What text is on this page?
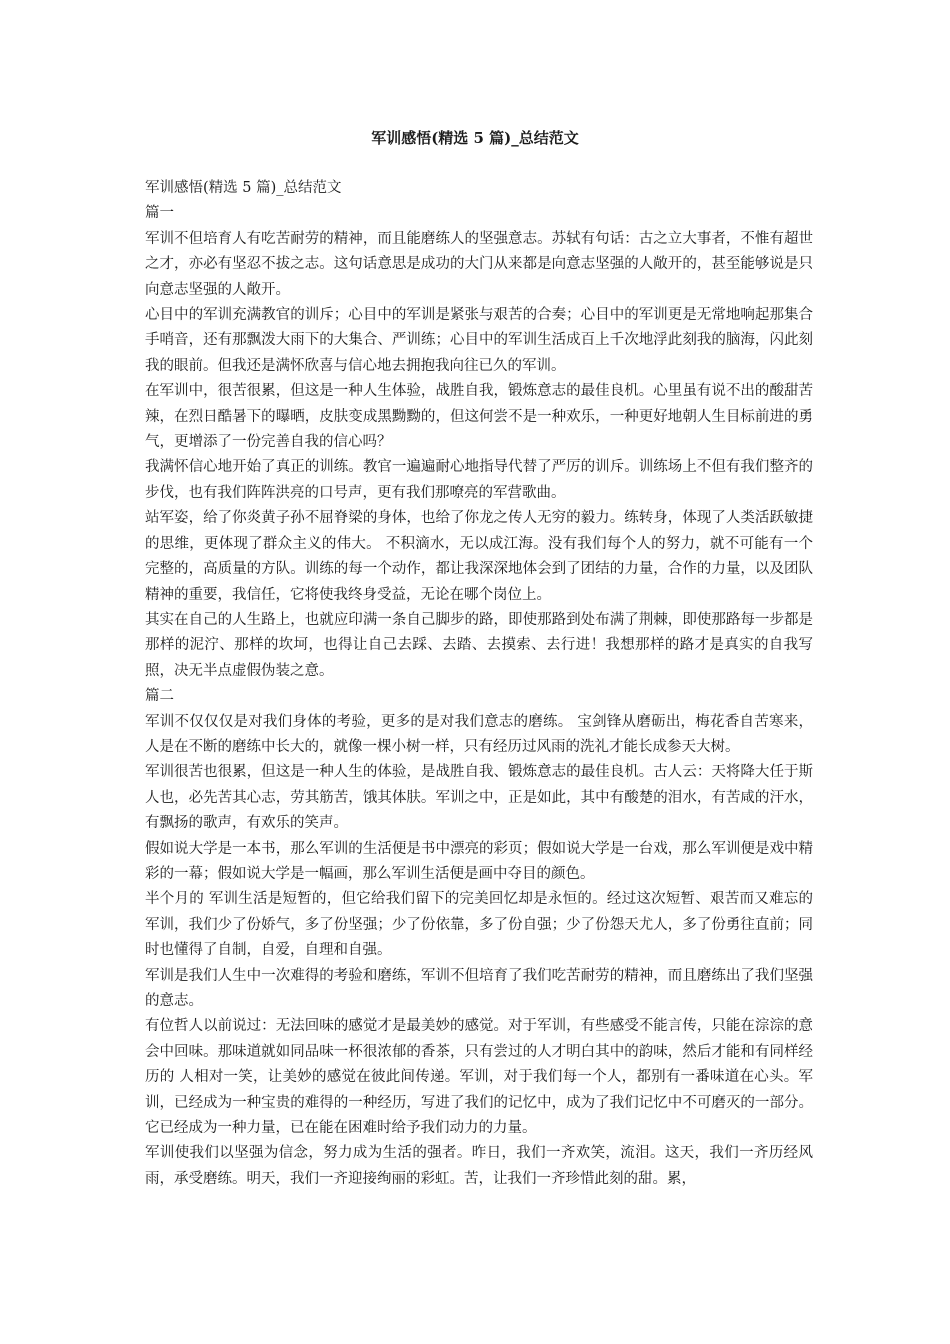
军训感悟(精选 5 篇)_总结范文

军训感悟(精选 5 篇)_总结范文

篇一

军训不但培育人有吃苦耐劳的精神，而且能磨练人的坚强意志。苏轼有句话：古之立大事者，不惟有超世之才，亦必有坚忍不拔之志。这句话意思是成功的大门从来都是向意志坚强的人敞开的，甚至能够说是只向意志坚强的人敞开。

心目中的军训充满教官的训斥；心目中的军训是紧张与艰苦的合奏；心目中的军训更是无常地响起那集合手哨音，还有那飘泼大雨下的大集合、严训练；心目中的军训生活成百上千次地浮此刻我的脑海，闪此刻我的眼前。但我还是满怀欣喜与信心地去拥抱我向往已久的军训。

在军训中，很苦很累，但这是一种人生体验，战胜自我，锻炼意志的最佳良机。心里虽有说不出的酸甜苦辣，在烈日酷暑下的曝晒，皮肤变成黑黝黝的，但这何尝不是一种欢乐，一种更好地朝人生目标前进的勇气，更增添了一份完善自我的信心吗？

我满怀信心地开始了真正的训练。教官一遍遍耐心地指导代替了严厉的训斥。训练场上不但有我们整齐的步伐，也有我们阵阵洪亮的口号声，更有我们那嘹亮的军营歌曲。

站军姿，给了你炎黄子孙不屈脊梁的身体，也给了你龙之传人无穷的毅力。练转身，体现了人类活跃敏捷的思维，更体现了群众主义的伟大。 不积滴水，无以成江海。没有我们每个人的努力，就不可能有一个完整的，高质量的方队。训练的每一个动作，都让我深深地体会到了团结的力量，合作的力量，以及团队精神的重要，我信任，它将使我终身受益，无论在哪个岗位上。

其实在自己的人生路上，也就应印满一条自己脚步的路，即使那路到处布满了荆棘，即使那路每一步都是那样的泥泞、那样的坎坷，也得让自己去踩、去踏、去摸索、去行进！我想那样的路才是真实的自我写照，决无半点虚假伪装之意。

篇二

军训不仅仅仅是对我们身体的考验，更多的是对我们意志的磨练。 宝剑锋从磨砺出，梅花香自苦寒来，人是在不断的磨练中长大的，就像一棵小树一样，只有经历过风雨的洗礼才能长成参天大树。

军训很苦也很累，但这是一种人生的体验，是战胜自我、锻炼意志的最佳良机。古人云：天将降大任于斯人也，必先苦其心志，劳其筋苦，饿其体肤。军训之中，正是如此，其中有酸楚的泪水，有苦咸的汗水，有飘扬的歌声，有欢乐的笑声。

假如说大学是一本书，那么军训的生活便是书中漂亮的彩页；假如说大学是一台戏，那么军训便是戏中精彩的一幕；假如说大学是一幅画，那么军训生活便是画中夺目的颜色。

半个月的 军训生活是短暂的，但它给我们留下的完美回忆却是永恒的。经过这次短暂、艰苦而又难忘的军训，我们少了份娇气，多了份坚强；少了份依靠，多了份自强；少了份怨天尤人，多了份勇往直前；同时也懂得了自制，自爱，自理和自强。

军训是我们人生中一次难得的考验和磨练，军训不但培育了我们吃苦耐劳的精神，而且磨练出了我们坚强的意志。

有位哲人以前说过：无法回味的感觉才是最美妙的感觉。对于军训，有些感受不能言传，只能在淙淙的意会中回味。那味道就如同品味一杯很浓郁的香茶，只有尝过的人才明白其中的韵味，然后才能和有同样经历的 人相对一笑，让美妙的感觉在彼此间传递。军训，对于我们每一个人，都别有一番味道在心头。军训，已经成为一种宝贵的难得的一种经历，写进了我们的记忆中，成为了我们记忆中不可磨灭的一部分。它已经成为一种力量，已在能在困难时给予我们动力的力量。

军训使我们以坚强为信念，努力成为生活的强者。昨日，我们一齐欢笑，流泪。这天，我们一齐历经风雨，承受磨练。明天，我们一齐迎接绚丽的彩虹。苦，让我们一齐珍惜此刻的甜。累，
